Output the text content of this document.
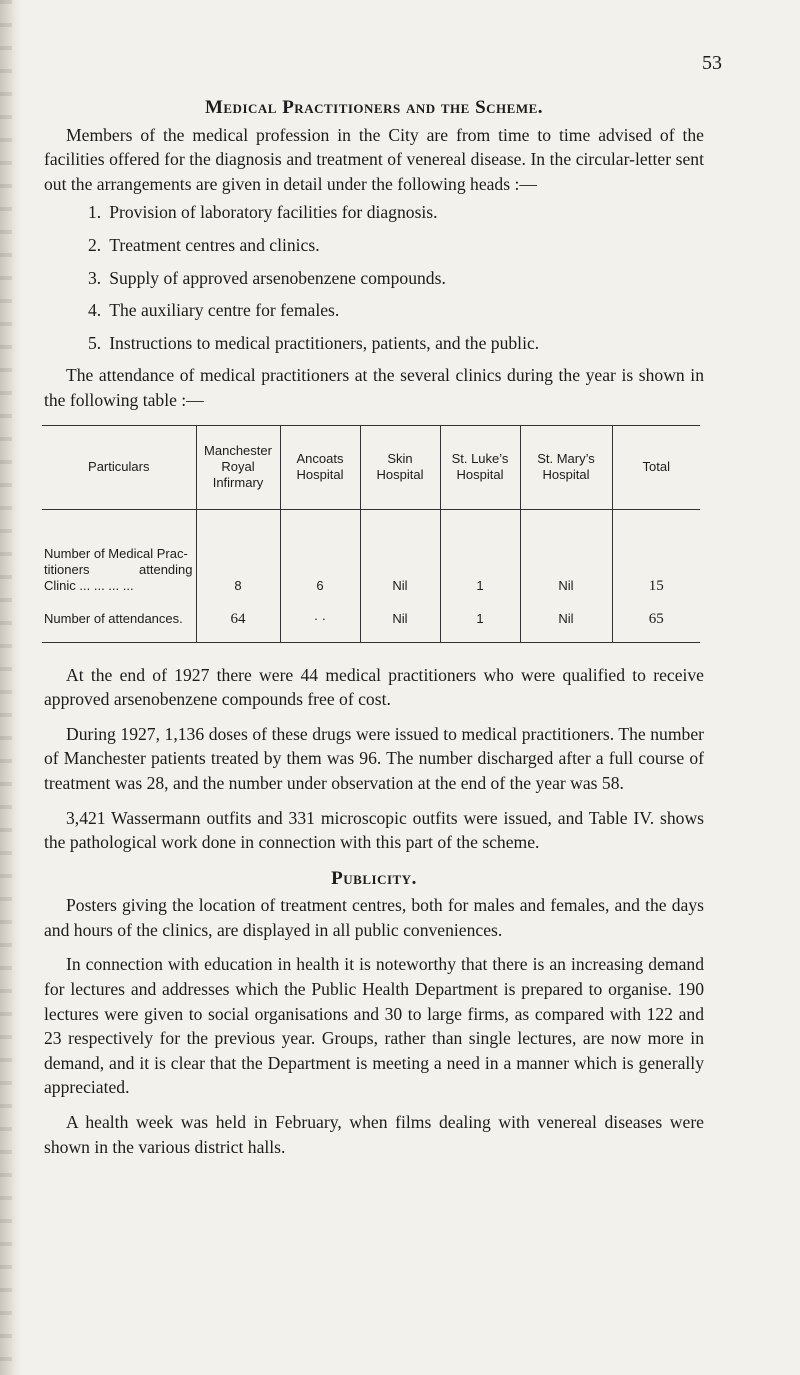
53
Medical Practitioners and the Scheme.

Members of the medical profession in the City are from time to time advised of the facilities offered for the diagnosis and treatment of venereal disease. In the circular-letter sent out the arrangements are given in detail under the following heads :—

1. Provision of laboratory facilities for diagnosis.
2. Treatment centres and clinics.
3. Supply of approved arsenobenzene compounds.
4. The auxiliary centre for females.
5. Instructions to medical practitioners, patients, and the public.

The attendance of medical practitioners at the several clinics during the year is shown in the following table :—

Particulars	Manchester Royal Infirmary	Ancoats Hospital	Skin Hospital	St. Luke’s Hospital	St. Mary’s Hospital	Total

Number of Medical Prac-
titioners attending
Clinic ... ... ... ...	8	6	Nil	1	Nil	15
Number of attendances.	64	· ·	Nil	1	Nil	65

At the end of 1927 there were 44 medical practitioners who were qualified to receive approved arsenobenzene compounds free of cost.

During 1927, 1,136 doses of these drugs were issued to medical practitioners. The number of Manchester patients treated by them was 96. The number discharged after a full course of treatment was 28, and the number under observation at the end of the year was 58.

3,421 Wassermann outfits and 331 microscopic outfits were issued, and Table IV. shows the pathological work done in connection with this part of the scheme.

Publicity.

Posters giving the location of treatment centres, both for males and females, and the days and hours of the clinics, are displayed in all public conveniences.

In connection with education in health it is noteworthy that there is an increasing demand for lectures and addresses which the Public Health Department is prepared to organise. 190 lectures were given to social organisations and 30 to large firms, as compared with 122 and 23 respectively for the previous year. Groups, rather than single lectures, are now more in demand, and it is clear that the Department is meeting a need in a manner which is generally appreciated.

A health week was held in February, when films dealing with venereal diseases were shown in the various district halls.
